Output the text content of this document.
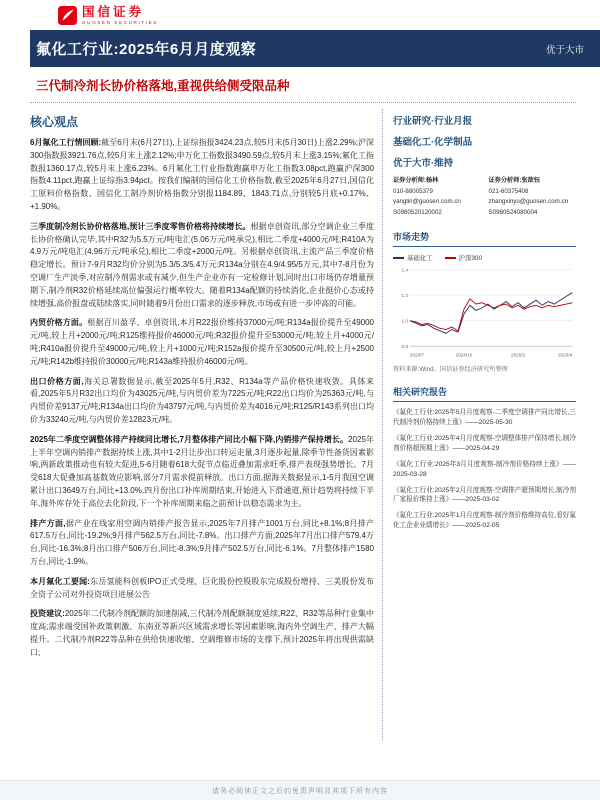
国信证券
GUOSEN SECURITIES
氟化工行业:2025年6月月度观察	优于大市
三代制冷剂长协价格落地,重视供给侧受限品种
核心观点

6月氟化工行情回顾:截至6月末(6月27日),上证综指报3424.23点,较5月末(5月30日)上涨2.29%;沪深300指数报3921.76点,较5月末上涨2.12%;申万化工指数报3490.59点,较5月末上涨3.15%;氟化工指数报1360.17点,较5月末上涨6.23%。6月氟化工行业指数跑赢申万化工指数3.08pct,跑赢沪深300指数4.11pct,跑赢上证综指3.94pct。按我们编制的国信化工价格指数,截至2025年6月27日,国信化工原料价格指数、国信化工制冷剂价格指数分别报1184.89、1843.71点,分别较5月底+0.17%、+1.90%。

三季度制冷剂长协价格落地,预计三季度零售价格将持续增长。根据卓创资讯,部分空调企业三季度长协价格确认完毕,其中R32为5.5万元/吨电汇(5.06万元/吨承兑),相比二季度+4000元/吨;R410A为4.9万元/吨电汇(4.96万元/吨承兑),相比二季度+2000元/吨。另根据卓创资讯,主流产品三季度价格稳定增长。预计7-9月R32均价分别为5.3/5.3/5.4万元;R134a分别在4.9/4.95/5万元,其中7-8月份为空调厂生产淡季,对应制冷剂需求或有减少,但生产企业亦有一定检修计划,同时出口市场仍存增量预期下,制冷剂R32价格延续高位偏强运行概率较大。随着R134a配额的持续消化,企业挺价心态或持续增强,高价报盘或陆续落实,同时随着9月份出口需求的逐步释放,市场或有进一步冲高的可能。

内贸价格方面。根据百川盈孚、卓创资讯,本月R22报价维持37000元/吨;R134a报价提升至49000元/吨,较上月+2000元/吨;R125维持报价46000元/吨;R32报价提升至53000元/吨,较上月+4000元/吨;R410a报价提升至49000元/吨,较上月+1000元/吨;R152a报价提升至30500元/吨,较上月+2500元/吨;R142b维持报价30000元/吨;R143a维持报价46000元/吨。

出口价格方面,海关总署数据显示,截至2025年5月,R32、R134a等产品价格快速收敛。具体来看,2025年5月R32出口均价为43025元/吨,与内贸价差为7225元/吨;R22出口均价为25363元/吨,与内贸价差9137元/吨;R134a出口均价为43797元/吨,与内贸价差为4016元/吨;R125/R143系列出口均价为33240元/吨,与内贸价差12823元/吨。

2025年二季度空调整体排产持续同比增长,7月整体排产同比小幅下降,内销排产保持增长。2025年上半年空调内销排产数据持续上涨,其中1-2月让步出口转运走量,3月逐步起量,除季节性备货因素影响,两新政策推动也有较大促进,5-6月随着618大促节点临近叠加需求旺季,排产表现强势增长。7月受618大促叠加高基数效应影响,部分7月需求提前释放。出口方面,据海关数据显示,1-5月我国空调累计出口3649万台,同比+13.0%,四月份出口补库周期结束,开始进入下滑通道,预计趋势将持续下半年,海外库存处于高位去化阶段,下一个补库周期来临之前预计以稳态需求为主。

排产方面,据产业在线家用空调内销排产报告显示,2025年7月排产1001万台,同比+8.1%;8月排产617.5万台,同比-19.2%;9月排产562.5万台,同比-7.8%。出口排产方面,2025年7月出口排产579.4万台,同比-16.3%;8月出口排产506万台,同比-8.3%;9月排产502.5万台,同比-6.1%。7月整体排产1580万台,同比-1.9%。

本月氟化工要闻:东岳氢能科创板IPO正式受理、巨化股份控股股东完成股份增持、三美股份发布全资子公司对外投资项目进展公告

投资建议:2025年二代制冷剂配额的加速削减,三代制冷剂配额制度延续,R22、R32等品种行业集中度高;需求端受国补政策刺激、东南亚等新兴区域需求增长等因素影响,海内外空调生产、排产大幅提升。二代制冷剂R22等品种在供给快速收缩、空调维修市场的支撑下,预计2025年将出现供需缺口;

行业研究·行业月报
基础化工·化学制品
优于大市·维持
证券分析师:杨林
010-88005379
yanglin@guosen.com.cn
S0980520120002
证券分析师:张歆钰
021-60375408
zhangxinyu@guosen.com.cn
S0980524080004
市场走势
基础化工	沪深300
0.8
1.0
1.2
1.4
2024/7	2024/10	2025/1	2025/4
资料来源:Wind、国信证券经济研究所整理
相关研究报告
《氟化工行业:2025年5月月度观察-二季度空调排产同比增长,三代制冷剂价格持续上涨》——2025-05-30
《氟化工行业:2025年4月月度观察-空调整体排产保持增长,制冷剂价格超预期上涨》——2025-04-29
《氟化工行业:2025年3月月度观察-制冷剂价格持续上涨》——2025-03-28
《氟化工行业:2025年2月月度观察-空调排产超预期增长,制冷剂厂家报价维持上涨》——2025-03-02
《氟化工行业:2025年1月月度观察-制冷剂价格维持高位,看好氟化工企业业绩增长》——2025-02-05
请务必阅读正文之后的免责声明及其项下所有内容
